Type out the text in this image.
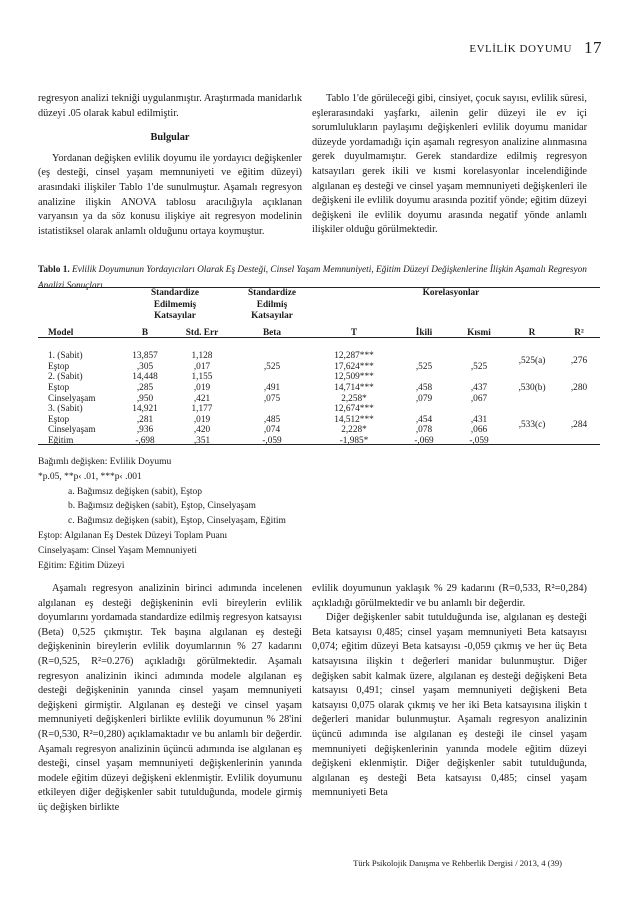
EVLİLİK DOYUMU 17

regresyon analizi tekniği uygulanmıştır. Araştırmada manidarlık düzeyi .05 olarak kabul edilmiştir.

Bulgular

Yordanan değişken evlilik doyumu ile yordayıcı değişkenler (eş desteği, cinsel yaşam memnuniyeti ve eğitim düzeyi) arasındaki ilişkiler Tablo 1'de sunulmuştur. Aşamalı regresyon analizine ilişkin ANOVA tablosu aracılığıyla açıklanan varyansın ya da söz konusu ilişkiye ait regresyon modelinin istatistiksel olarak anlamlı olduğunu ortaya koymuştur.

Tablo 1'de görüleceği gibi, cinsiyet, çocuk sayısı, evlilik süresi, eşlerarasındaki yaşfarkı, ailenin gelir düzeyi ile ev içi sorumlulukların paylaşımı değişkenleri evlilik doyumu manidar düzeyde yordamadığı için aşamalı regresyon analizine alınmasına gerek duyulmamıştır. Gerek standardize edilmiş regresyon katsayıları gerek ikili ve kısmi korelasyonlar incelendiğinde algılanan eş desteği ve cinsel yaşam memnuniyeti değişkenleri ile değişkeni ile evlilik doyumu arasında pozitif yönde; eğitim düzeyi değişkeni ile evlilik doyumu arasında negatif yönde anlamlı ilişkiler olduğu görülmektedir.

Tablo 1. Evlilik Doyumunun Yordayıcıları Olarak Eş Desteği, Cinsel Yaşam Memnuniyeti, Eğitim Düzeyi Değişkenlerine İlişkin Aşamalı Regresyon Analizi Sonuçları
	Standardize		Standardize		Korelasyonlar			
	Edilmemiş		Edilmiş					
	Katsayılar		Katsayılar					
Model	B	Std. Err	Beta	T	İkili	Kısmi	R	R²

1. (Sabit)	13,857	1,128		12,287***			,525(a)	,276
Eştop	,305	,017	,525	17,624***	,525	,525		
2. (Sabit)	14,448	1,155		12,509***			,530(b)	,280
Eştop	,285	,019	,491	14,714***	,458	,437		
Cinselyaşam	,950	,421	,075	2,258*	,079	,067		
3. (Sabit)	14,921	1,177		12,674***			,533(c)	,284
Eştop	,281	,019	,485	14,512***	,454	,431		
Cinselyaşam	,936	,420	,074	2,228*	,078	,066		
Eğitim	-,698	,351	-,059	-1,985*	-,069	-,059		
Bağımlı değişken: Evlilik Doyumu
*p.05, **p‹ .01, ***p‹ .001
a. Bağımsız değişken (sabit), Eştop
b. Bağımsız değişken (sabit), Eştop, Cinselyaşam
c. Bağımsız değişken (sabit), Eştop, Cinselyaşam, Eğitim
Eştop: Algılanan Eş Destek Düzeyi Toplam Puanı
Cinselyaşam: Cinsel Yaşam Memnuniyeti
Eğitim: Eğitim Düzeyi

Aşamalı regresyon analizinin birinci adımında incelenen algılanan eş desteği değişkeninin evli bireylerin evlilik doyumlarını yordamada standardize edilmiş regresyon katsayısı (Beta) 0,525 çıkmıştır. Tek başına algılanan eş desteği değişkeninin bireylerin evlilik doyumlarının % 27 kadarını (R=0,525, R²=0.276) açıkladığı görülmektedir. Aşamalı regresyon analizinin ikinci adımında modele algılanan eş desteği değişkeninin yanında cinsel yaşam memnuniyeti değişkeni girmiştir. Algılanan eş desteği ve cinsel yaşam memnuniyeti değişkenleri birlikte evlilik doyumunun % 28'ini (R=0,530, R²=0,280) açıklamaktadır ve bu anlamlı bir değerdir. Aşamalı regresyon analizinin üçüncü adımında ise algılanan eş desteği, cinsel yaşam memnuniyeti değişkenlerinin yanında modele eğitim düzeyi değişkeni eklenmiştir. Evlilik doyumunu etkileyen diğer değişkenler sabit tutulduğunda, modele girmiş üç değişken birlikte

evlilik doyumunun yaklaşık % 29 kadarını (R=0,533, R²=0,284) açıkladığı görülmektedir ve bu anlamlı bir değerdir.

Diğer değişkenler sabit tutulduğunda ise, algılanan eş desteği Beta katsayısı 0,485; cinsel yaşam memnuniyeti Beta katsayısı 0,074; eğitim düzeyi Beta katsayısı -0,059 çıkmış ve her üç Beta katsayısına ilişkin t değerleri manidar bulunmuştur. Diğer değişken sabit kalmak üzere, algılanan eş desteği değişkeni Beta katsayısı 0,491; cinsel yaşam memnuniyeti değişkeni Beta katsayısı 0,075 olarak çıkmış ve her iki Beta katsayısına ilişkin t değerleri manidar bulunmuştur. Aşamalı regresyon analizinin üçüncü adımında ise algılanan eş desteği ile cinsel yaşam memnuniyeti değişkenlerinin yanında modele eğitim düzeyi değişkeni eklenmiştir. Diğer değişkenler sabit tutulduğunda, algılanan eş desteği Beta katsayısı 0,485; cinsel yaşam memnuniyeti Beta

Türk Psikolojik Danışma ve Rehberlik Dergisi / 2013, 4 (39)
